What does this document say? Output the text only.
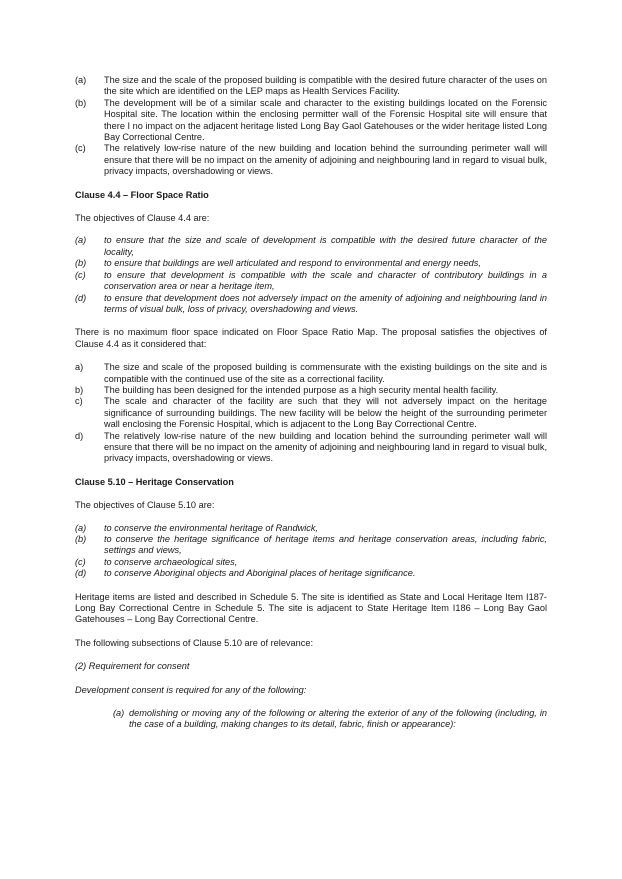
(a)	The size and the scale of the proposed building is compatible with the desired future character of the uses on the site which are identified on the LEP maps as Health Services Facility.
(b)	The development will be of a similar scale and character to the existing buildings located on the Forensic Hospital site. The location within the enclosing permitter wall of the Forensic Hospital site will ensure that there I no impact on the adjacent heritage listed Long Bay Gaol Gatehouses or the wider heritage listed Long Bay Correctional Centre.
(c)	The relatively low-rise nature of the new building and location behind the surrounding perimeter wall will ensure that there will be no impact on the amenity of adjoining and neighbouring land in regard to visual bulk, privacy impacts, overshadowing or views.

Clause 4.4 – Floor Space Ratio

The objectives of Clause 4.4 are:

(a)	to ensure that the size and scale of development is compatible with the desired future character of the locality,
(b)	to ensure that buildings are well articulated and respond to environmental and energy needs,
(c)	to ensure that development is compatible with the scale and character of contributory buildings in a conservation area or near a heritage item,
(d)	to ensure that development does not adversely impact on the amenity of adjoining and neighbouring land in terms of visual bulk, loss of privacy, overshadowing and views.

There is no maximum floor space indicated on Floor Space Ratio Map. The proposal satisfies the objectives of Clause 4.4 as it considered that:

a)	The size and scale of the proposed building is commensurate with the existing buildings on the site and is compatible with the continued use of the site as a correctional facility.
b)	The building has been designed for the intended purpose as a high security mental health facility.
c)	The scale and character of the facility are such that they will not adversely impact on the heritage significance of surrounding buildings. The new facility will be below the height of the surrounding perimeter wall enclosing the Forensic Hospital, which is adjacent to the Long Bay Correctional Centre.
d)	The relatively low-rise nature of the new building and location behind the surrounding perimeter wall will ensure that there will be no impact on the amenity of adjoining and neighbouring land in regard to visual bulk, privacy impacts, overshadowing or views.

Clause 5.10 – Heritage Conservation

The objectives of Clause 5.10 are:

(a)	to conserve the environmental heritage of Randwick,
(b)	to conserve the heritage significance of heritage items and heritage conservation areas, including fabric, settings and views,
(c)	to conserve archaeological sites,
(d)	to conserve Aboriginal objects and Aboriginal places of heritage significance.

Heritage items are listed and described in Schedule 5. The site is identified as State and Local Heritage Item I187- Long Bay Correctional Centre in Schedule 5. The site is adjacent to State Heritage Item I186 – Long Bay Gaol Gatehouses – Long Bay Correctional Centre.

The following subsections of Clause 5.10 are of relevance:

(2) Requirement for consent

Development consent is required for any of the following:

(a) demolishing or moving any of the following or altering the exterior of any of the following (including, in the case of a building, making changes to its detail, fabric, finish or appearance):
